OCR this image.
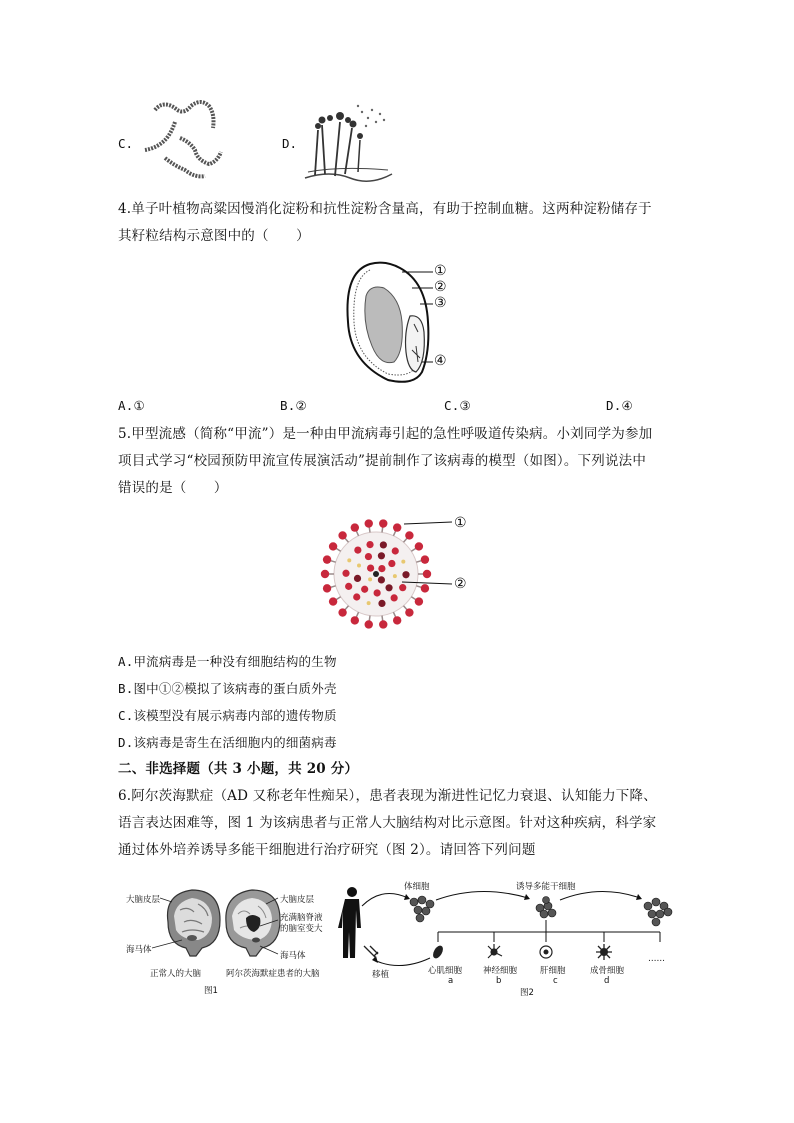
C.	D.
4.单子叶植物高粱因慢消化淀粉和抗性淀粉含量高，有助于控制血糖。这两种淀粉储存于
其籽粒结构示意图中的（　　）
①
②
③
④
A.①	B.②	C.③	D.④
5.甲型流感（简称“甲流”）是一种由甲流病毒引起的急性呼吸道传染病。小刘同学为参加
项目式学习“校园预防甲流宣传展演活动”提前制作了该病毒的模型（如图）。下列说法中
错误的是（　　）
①
②
A.甲流病毒是一种没有细胞结构的生物
B.图中①②模拟了该病毒的蛋白质外壳
C.该模型没有展示病毒内部的遗传物质
D.该病毒是寄生在活细胞内的细菌病毒
二、非选择题（共 3 小题，共 20 分）
6.阿尔茨海默症（AD 又称老年性痴呆），患者表现为渐进性记忆力衰退、认知能力下降、
语言表达困难等，图 1 为该病患者与正常人大脑结构对比示意图。针对这种疾病，科学家
通过体外培养诱导多能干细胞进行治疗研究（图 2）。请回答下列问题
大脑皮层	大脑皮层
充满脑脊液
的脑室变大
海马体
海马体
正常人的大脑	阿尔茨海默症患者的大脑
图1
体细胞	诱导多能干细胞
移植	心肌细胞
a
神经细胞
b
肝细胞
c
成骨细胞
d
……
图2
